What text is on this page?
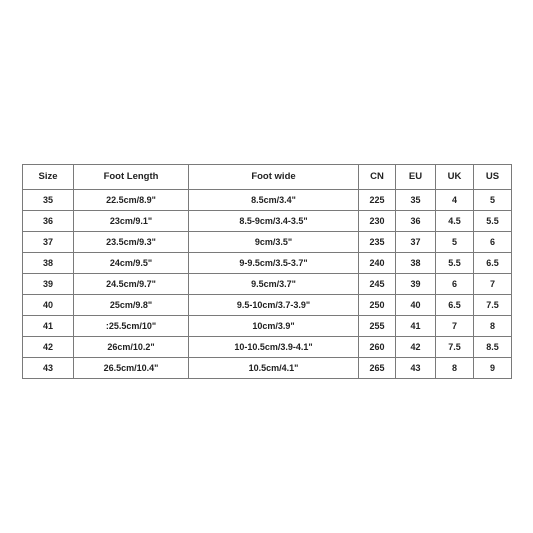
Size	Foot Length	Foot wide	CN	EU	UK	US
35	22.5cm/8.9"	8.5cm/3.4"	225	35	4	5
36	23cm/9.1"	8.5-9cm/3.4-3.5"	230	36	4.5	5.5
37	23.5cm/9.3"	9cm/3.5"	235	37	5	6
38	24cm/9.5"	9-9.5cm/3.5-3.7"	240	38	5.5	6.5
39	24.5cm/9.7"	9.5cm/3.7"	245	39	6	7
40	25cm/9.8"	9.5-10cm/3.7-3.9"	250	40	6.5	7.5
41	:25.5cm/10"	10cm/3.9"	255	41	7	8
42	26cm/10.2"	10-10.5cm/3.9-4.1"	260	42	7.5	8.5
43	26.5cm/10.4"	10.5cm/4.1"	265	43	8	9
